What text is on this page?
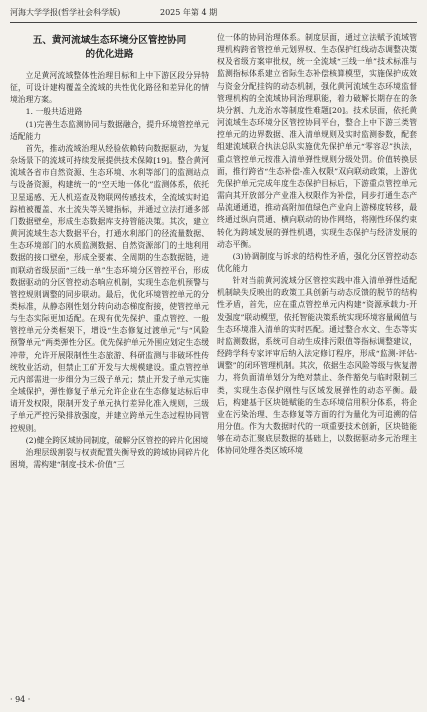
河海大学学报(哲学社会科学版)	2025 年第 4 期
五、黄河流域生态环境分区管控协同
的优化进路

立足黄河流域整体性治理目标和上中下游区段分异特征，可设计建构覆盖全流域的共性优化路径和差异化的情境治理方案。

1. 一般共适进路

(1)完善生态监测协同与数据融合，提升环境管控单元适配能力

首先，推动流域治理从经验依赖转向数据驱动，为复杂场景下的流域可持续发展提供技术保障[19]。整合黄河流域各省市自然资源、生态环境、水利等部门的监测站点与设备资源，构建统一的“空天地一体化”监测体系，依托卫星遥感、无人机巡查及物联网传感技术，全流域实时追踪植被覆盖、水土流失等关键指标，并通过立法打通多部门数据壁垒，形成生态数据库支持管能决策。其次，建立黄河流域生态大数据平台，打通水利部门的径流量数据、生态环境部门的水质监测数据、自然资源部门的土地利用数据的接口壁垒，形成全要素、全周期的生态数据链，进而联动省级层面“三线一单”生态环境分区管控平台，形成数据驱动的分区管控动态响应机制，实现生态危机预警与管控规则调整的同步联动。最后，优化环境管控单元的分类标准，从静态刚性划分转向动态梯度衔接，使管控单元与生态实际更加适配。在现有优先保护、重点管控、一般管控单元分类框架下，增设“生态修复过渡单元”与“风险预警单元”两类弹性分区。优先保护单元外围应划定生态缓冲带，允许开展限制性生态旅游、科研监测与非破坏性传统牧业活动，但禁止工矿开发与大规模建设。重点管控单元内部需进一步细分为三级子单元；禁止开发子单元实施全域保护，弹性修复子单元允许企业在生态修复达标后申请开发权限，限制开发子单元执行差异化准入规则，三级子单元严控污染排放强度，并建立跨单元生态过程协同管控规则。

(2)健全跨区域协同制度，破解分区管控的碎片化困境

治理层级割裂与权责配置失衡导致的跨域协同碎片化困境，需构建“制度-技术-价值”三

位一体的协同治理体系。制度层面，通过立法赋予流域管理机构跨省管控单元划界权、生态保护红线动态调整决策权及省级方案审批权，统一全流域“三线一单”技术标准与监测指标体系建立省际生态补偿核算模型，实施保护成效与资金分配挂钩的动态机制，强化黄河流域生态环境监督管理机构的全流域协同治理职能，着力破解长期存在的条块分割、九龙治水等制度性难题[20]。技术层面，依托黄河流域生态环境分区管控协同平台，整合上中下游三类管控单元的边界数据、准入清单规则及实时监测参数，配套组建流域联合执法总队实施优先保护单元“零容忍”执法，重点管控单元按准入清单弹性规则分级处罚。价值转换层面，推行跨省“生态补偿-准入权限”双向联动政策，上游优先保护单元完成年度生态保护目标后，下游重点管控单元需向其开放部分产业准入权限作为补偿，同步打通生态产品流通通道，推动高附加值绿色产业向上游梯度转移，最终通过纵向贯通、横向联动的协作网络，将刚性环保约束转化为跨域发展的弹性机遇，实现生态保护与经济发展的动态平衡。

(3)协调制度与诉求的结构性矛盾，强化分区管控动态优化能力

针对当前黄河流域分区管控实践中准入清单弹性适配机制缺失反映出的政策工具创新与动态反馈的脱节的结构性矛盾，首先，应在重点管控单元内构建“资源承载力-开发强度”联动模型，依托智能决策系统实现环境容量阈值与生态环境准入清单的实时匹配。通过整合水文、生态等实时监测数据，系统可自动生成排污限值等指标调整建议，经跨学科专家评审后纳入法定修订程序，形成“监测-评估-调整”的闭环管理机制。其次，依据生态风险等级与恢复潜力，将负面清单划分为绝对禁止、条件豁免与临时限制三类，实现生态保护刚性与区域发展弹性的动态平衡。最后，构建基于区块链赋能的生态环境信用积分体系，将企业在污染治理、生态修复等方面的行为量化为可追溯的信用分值。作为大数据时代的一项重要技术创新，区块链能够在动态汇聚底层数据的基础上，以数据驱动多元治理主体协同处理各类区域环境

· 94 ·
